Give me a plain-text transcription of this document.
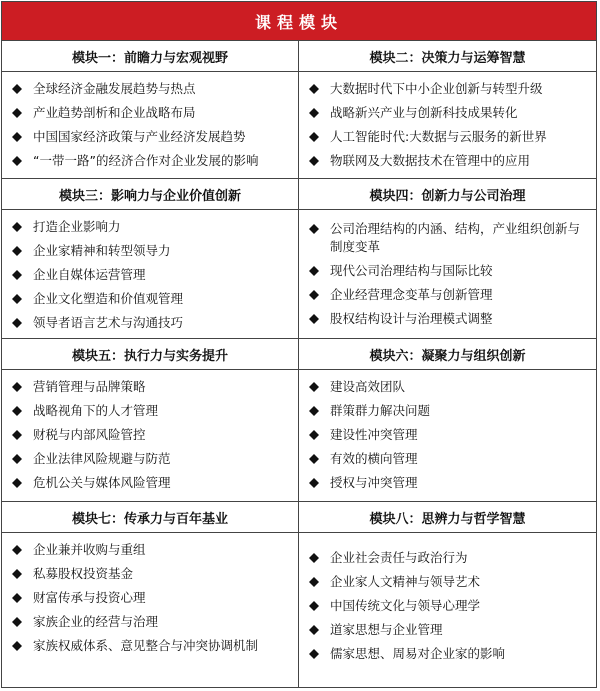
课程模块
模块一：前瞻力与宏观视野
全球经济金融发展趋势与热点
产业趋势剖析和企业战略布局
中国国家经济政策与产业经济发展趋势
“一带一路”的经济合作对企业发展的影响
模块二：决策力与运筹智慧
大数据时代下中小企业创新与转型升级
战略新兴产业与创新科技成果转化
人工智能时代:大数据与云服务的新世界
物联网及大数据技术在管理中的应用
模块三：影响力与企业价值创新
打造企业影响力
企业家精神和转型领导力
企业自媒体运营管理
企业文化塑造和价值观管理
领导者语言艺术与沟通技巧
模块四：创新力与公司治理
公司治理结构的内涵、结构，产业组织创新与制度变革
现代公司治理结构与国际比较
企业经营理念变革与创新管理
股权结构设计与治理模式调整
模块五：执行力与实务提升
营销管理与品牌策略
战略视角下的人才管理
财税与内部风险管控
企业法律风险规避与防范
危机公关与媒体风险管理
模块六：凝聚力与组织创新
建设高效团队
群策群力解决问题
建设性冲突管理
有效的横向管理
授权与冲突管理
模块七：传承力与百年基业
企业兼并收购与重组
私募股权投资基金
财富传承与投资心理
家族企业的经营与治理
家族权威体系、意见整合与冲突协调机制
模块八：思辨力与哲学智慧
企业社会责任与政治行为
企业家人文精神与领导艺术
中国传统文化与领导心理学
道家思想与企业管理
儒家思想、周易对企业家的影响
